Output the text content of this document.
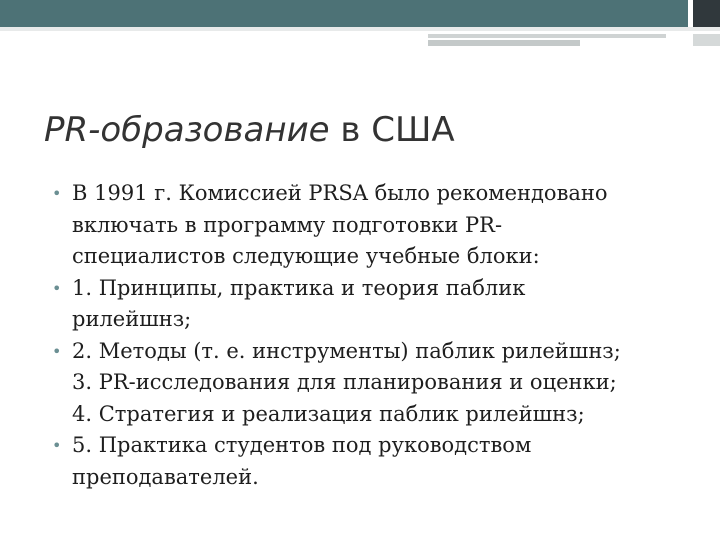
PR-образование в США
• В 1991 г. Комиссией PRSA было рекомендовано
включать в программу подготовки PR-
специалистов следующие учебные блоки:
• 1. Принципы, практика и теория паблик
рилейшнз;
• 2. Методы (т. е. инструменты) паблик рилейшнз;
3. PR-исследования для планирования и оценки;
4. Стратегия и реализация паблик рилейшнз;
• 5. Практика студентов под руководством
преподавателей.
